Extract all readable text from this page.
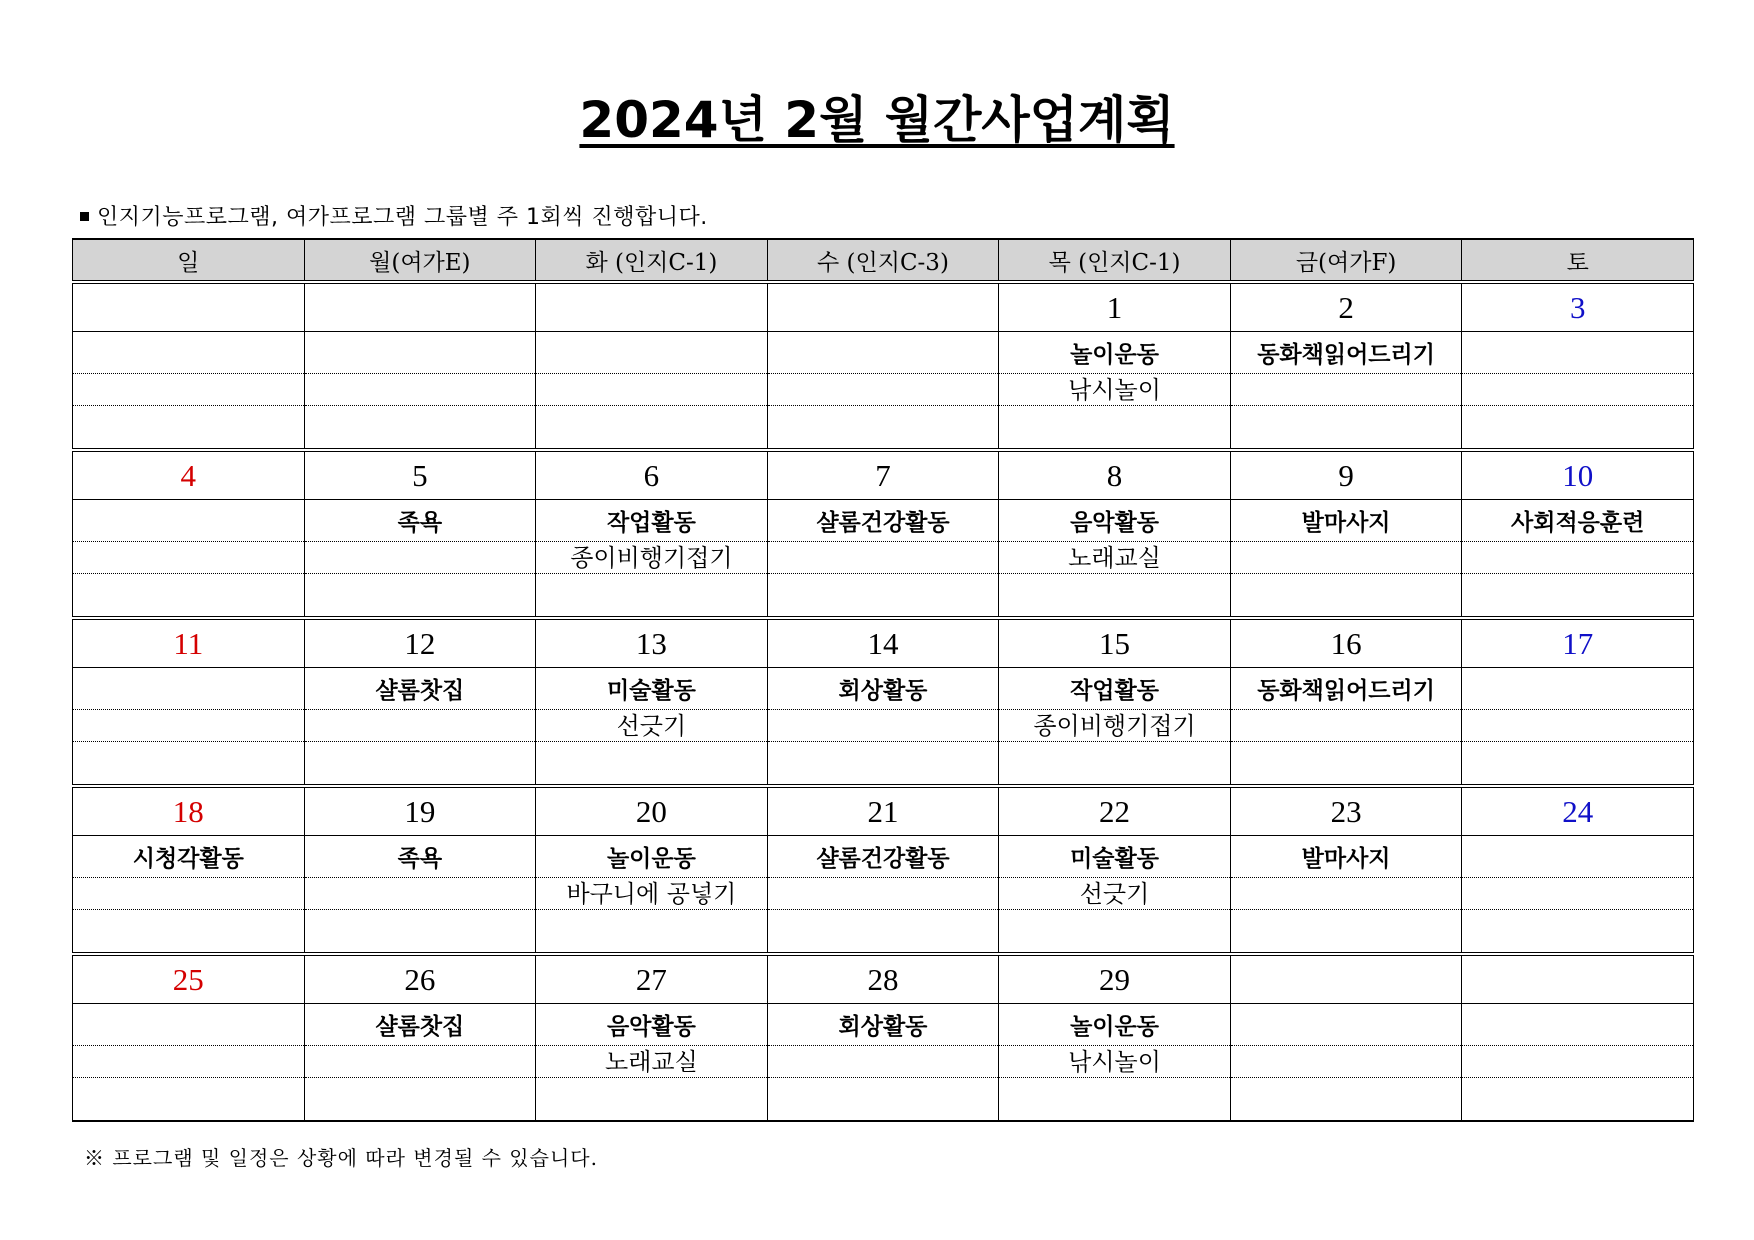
2024년 2월 월간사업계획
인지기능프로그램, 여가프로그램 그룹별 주 1회씩 진행합니다.
일	월(여가E)	화 (인지C-1)	수 (인지C-3)	목 (인지C-1)	금(여가F)	토
				1	2	3
				놀이운동	동화책읽어드리기	
				낚시놀이		

4	5	6	7	8	9	10
	족욕	작업활동	샬롬건강활동	음악활동	발마사지	사회적응훈련
		종이비행기접기		노래교실		

11	12	13	14	15	16	17
	샬롬찻집	미술활동	회상활동	작업활동	동화책읽어드리기	
		선긋기		종이비행기접기		

18	19	20	21	22	23	24
시청각활동	족욕	놀이운동	샬롬건강활동	미술활동	발마사지	
		바구니에 공넣기		선긋기		

25	26	27	28	29		
	샬롬찻집	음악활동	회상활동	놀이운동		
		노래교실		낚시놀이		

※ 프로그램 및 일정은 상황에 따라 변경될 수 있습니다.
